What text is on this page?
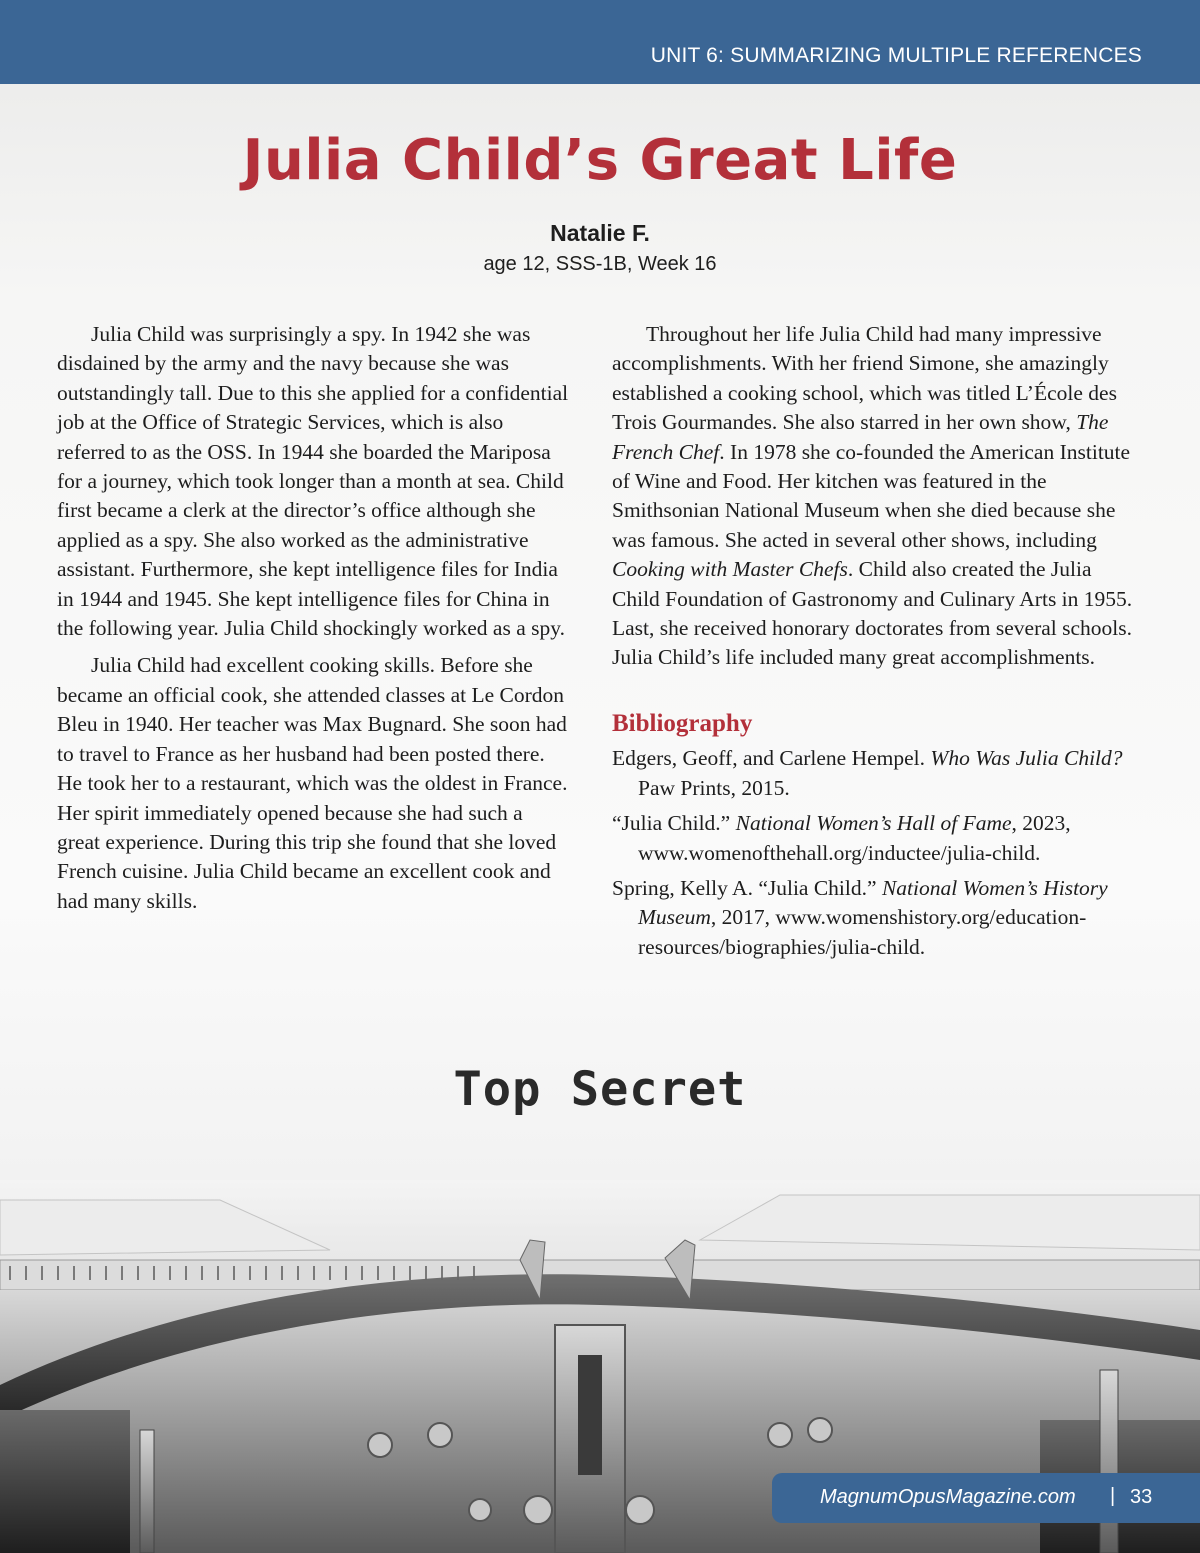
UNIT 6: SUMMARIZING MULTIPLE REFERENCES
Julia Child’s Great Life
Natalie F.
age 12, SSS-1B, Week 16

Julia Child was surprisingly a spy. In 1942 she was disdained by the army and the navy because she was outstandingly tall. Due to this she applied for a confidential job at the Office of Strategic Services, which is also referred to as the OSS. In 1944 she boarded the Mariposa for a journey, which took longer than a month at sea. Child first became a clerk at the director’s office although she applied as a spy. She also worked as the administrative assistant. Furthermore, she kept intelligence files for India in 1944 and 1945. She kept intelligence files for China in the following year. Julia Child shockingly worked as a spy.

Julia Child had excellent cooking skills. Before she became an official cook, she attended classes at Le Cordon Bleu in 1940. Her teacher was Max Bugnard. She soon had to travel to France as her husband had been posted there. He took her to a restaurant, which was the oldest in France. Her spirit immediately opened because she had such a great experience. During this trip she found that she loved French cuisine. Julia Child became an excellent cook and had many skills.

Throughout her life Julia Child had many impressive accomplishments. With her friend Simone, she amazingly established a cooking school, which was titled L’École des Trois Gourmandes. She also starred in her own show, The French Chef. In 1978 she co-founded the American Institute of Wine and Food. Her kitchen was featured in the Smithsonian National Museum when she died because she was famous. She acted in several other shows, including Cooking with Master Chefs. Child also created the Julia Child Foundation of Gastronomy and Culinary Arts in 1955. Last, she received honorary doctorates from several schools. Julia Child’s life included many great accomplishments.

Bibliography
Edgers, Geoff, and Carlene Hempel. Who Was Julia Child? Paw Prints, 2015.
“Julia Child.” National Women’s Hall of Fame, 2023, www.womenofthehall.org/inductee/julia-child.
Spring, Kelly A. “Julia Child.” National Women’s History Museum, 2017, www.womenshistory.org/education-resources/biographies/julia-child.
Top Secret
MagnumOpusMagazine.com | 33
